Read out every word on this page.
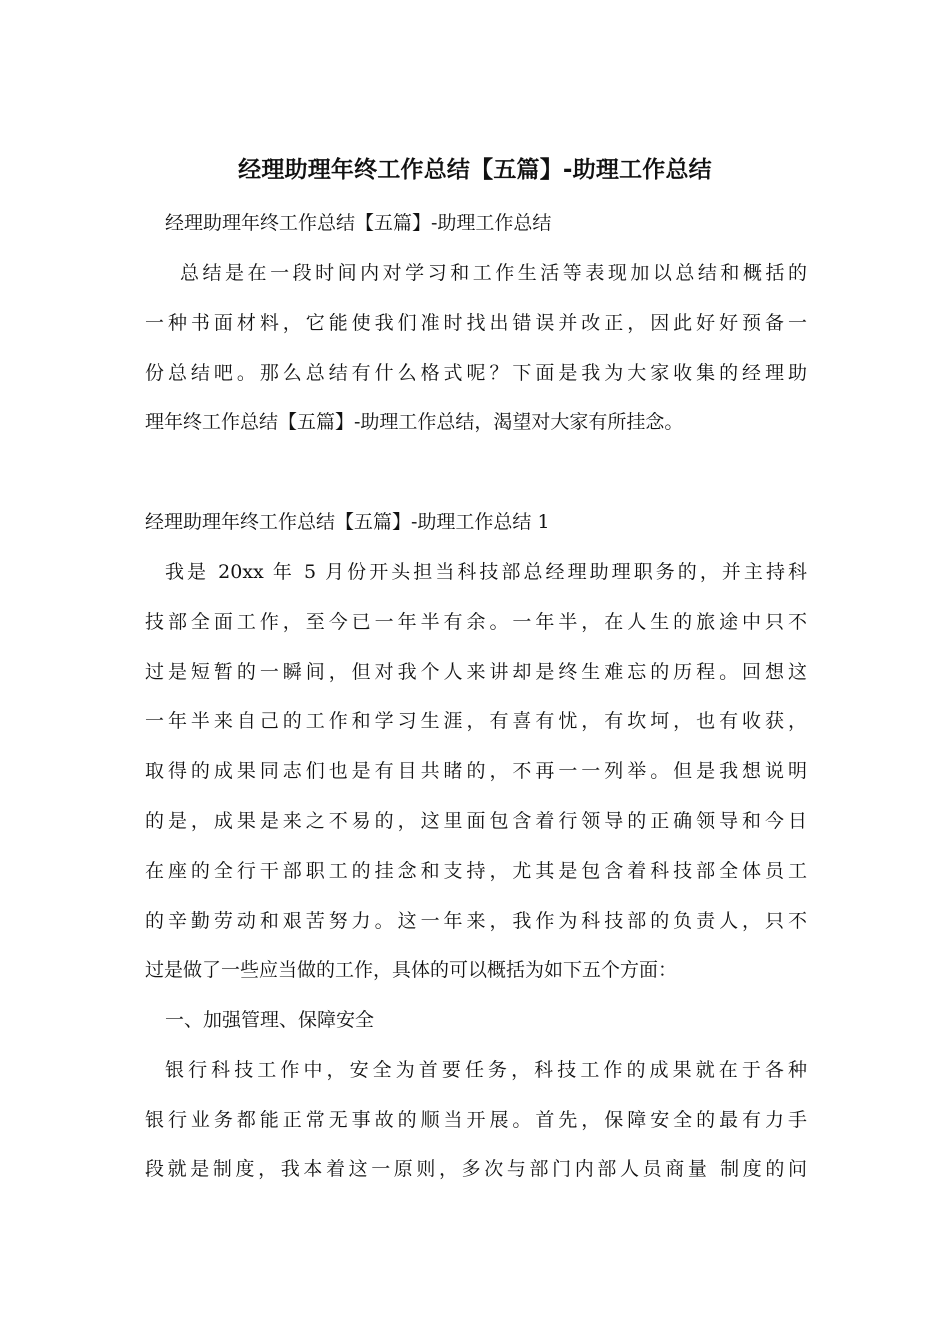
经理助理年终工作总结【五篇】-助理工作总结
经理助理年终工作总结【五篇】-助理工作总结
总结是在一段时间内对学习和工作生活等表现加以总结和概括的
一种书面材料，它能使我们准时找出错误并改正，因此好好预备一
份总结吧。那么总结有什么格式呢？下面是我为大家收集的经理助
理年终工作总结【五篇】-助理工作总结，渴望对大家有所挂念。
经理助理年终工作总结【五篇】-助理工作总结 1
我是 20xx 年 5 月份开头担当科技部总经理助理职务的，并主持科
技部全面工作，至今已一年半有余。一年半，在人生的旅途中只不
过是短暂的一瞬间，但对我个人来讲却是终生难忘的历程。回想这
一年半来自己的工作和学习生涯，有喜有忧，有坎坷，也有收获，
取得的成果同志们也是有目共睹的，不再一一列举。但是我想说明
的是，成果是来之不易的，这里面包含着行领导的正确领导和今日
在座的全行干部职工的挂念和支持，尤其是包含着科技部全体员工
的辛勤劳动和艰苦努力。这一年来，我作为科技部的负责人，只不
过是做了一些应当做的工作，具体的可以概括为如下五个方面：
一、加强管理、保障安全
银行科技工作中，安全为首要任务，科技工作的成果就在于各种
银行业务都能正常无事故的顺当开展。首先，保障安全的最有力手
段就是制度，我本着这一原则，多次与部门内部人员商量 制度的问
